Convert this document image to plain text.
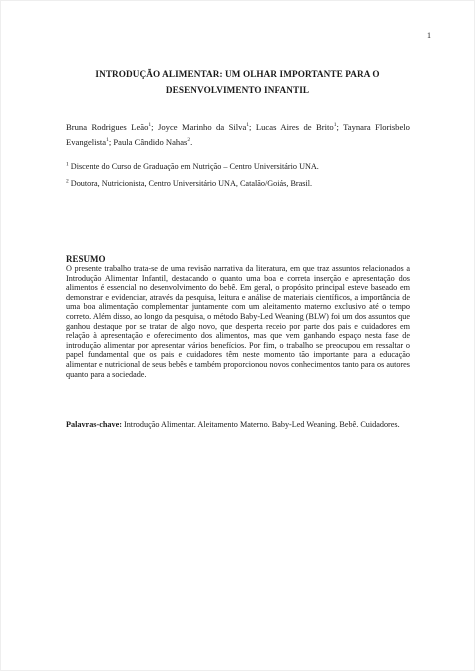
1
INTRODUÇÃO ALIMENTAR: UM OLHAR IMPORTANTE PARA O
DESENVOLVIMENTO INFANTIL
Bruna Rodrigues Leão$^1$; Joyce Marinho da Silva$^1$; Lucas Aires de Brito$^1$; Taynara Florisbelo Evangelista$^1$; Paula Cândido Nahas$^2$.

$^1$ Discente do Curso de Graduação em Nutrição – Centro Universitário UNA.

$^2$ Doutora, Nutricionista, Centro Universitário UNA, Catalão/Goiás, Brasil.

RESUMO

O presente trabalho trata-se de uma revisão narrativa da literatura, em que traz assuntos relacionados a Introdução Alimentar Infantil, destacando o quanto uma boa e correta inserção e apresentação dos alimentos é essencial no desenvolvimento do bebê. Em geral, o propósito principal esteve baseado em demonstrar e evidenciar, através da pesquisa, leitura e análise de materiais científicos, a importância de uma boa alimentação complementar juntamente com um aleitamento materno exclusivo até o tempo correto. Além disso, ao longo da pesquisa, o método Baby-Led Weaning (BLW) foi um dos assuntos que ganhou destaque por se tratar de algo novo, que desperta receio por parte dos pais e cuidadores em relação à apresentação e oferecimento dos alimentos, mas que vem ganhando espaço nesta fase de introdução alimentar por apresentar vários benefícios. Por fim, o trabalho se preocupou em ressaltar o papel fundamental que os pais e cuidadores têm neste momento tão importante para a educação alimentar e nutricional de seus bebês e também proporcionou novos conhecimentos tanto para os autores quanto para a sociedade.

Palavras-chave: Introdução Alimentar. Aleitamento Materno. Baby-Led Weaning. Bebê. Cuidadores.
